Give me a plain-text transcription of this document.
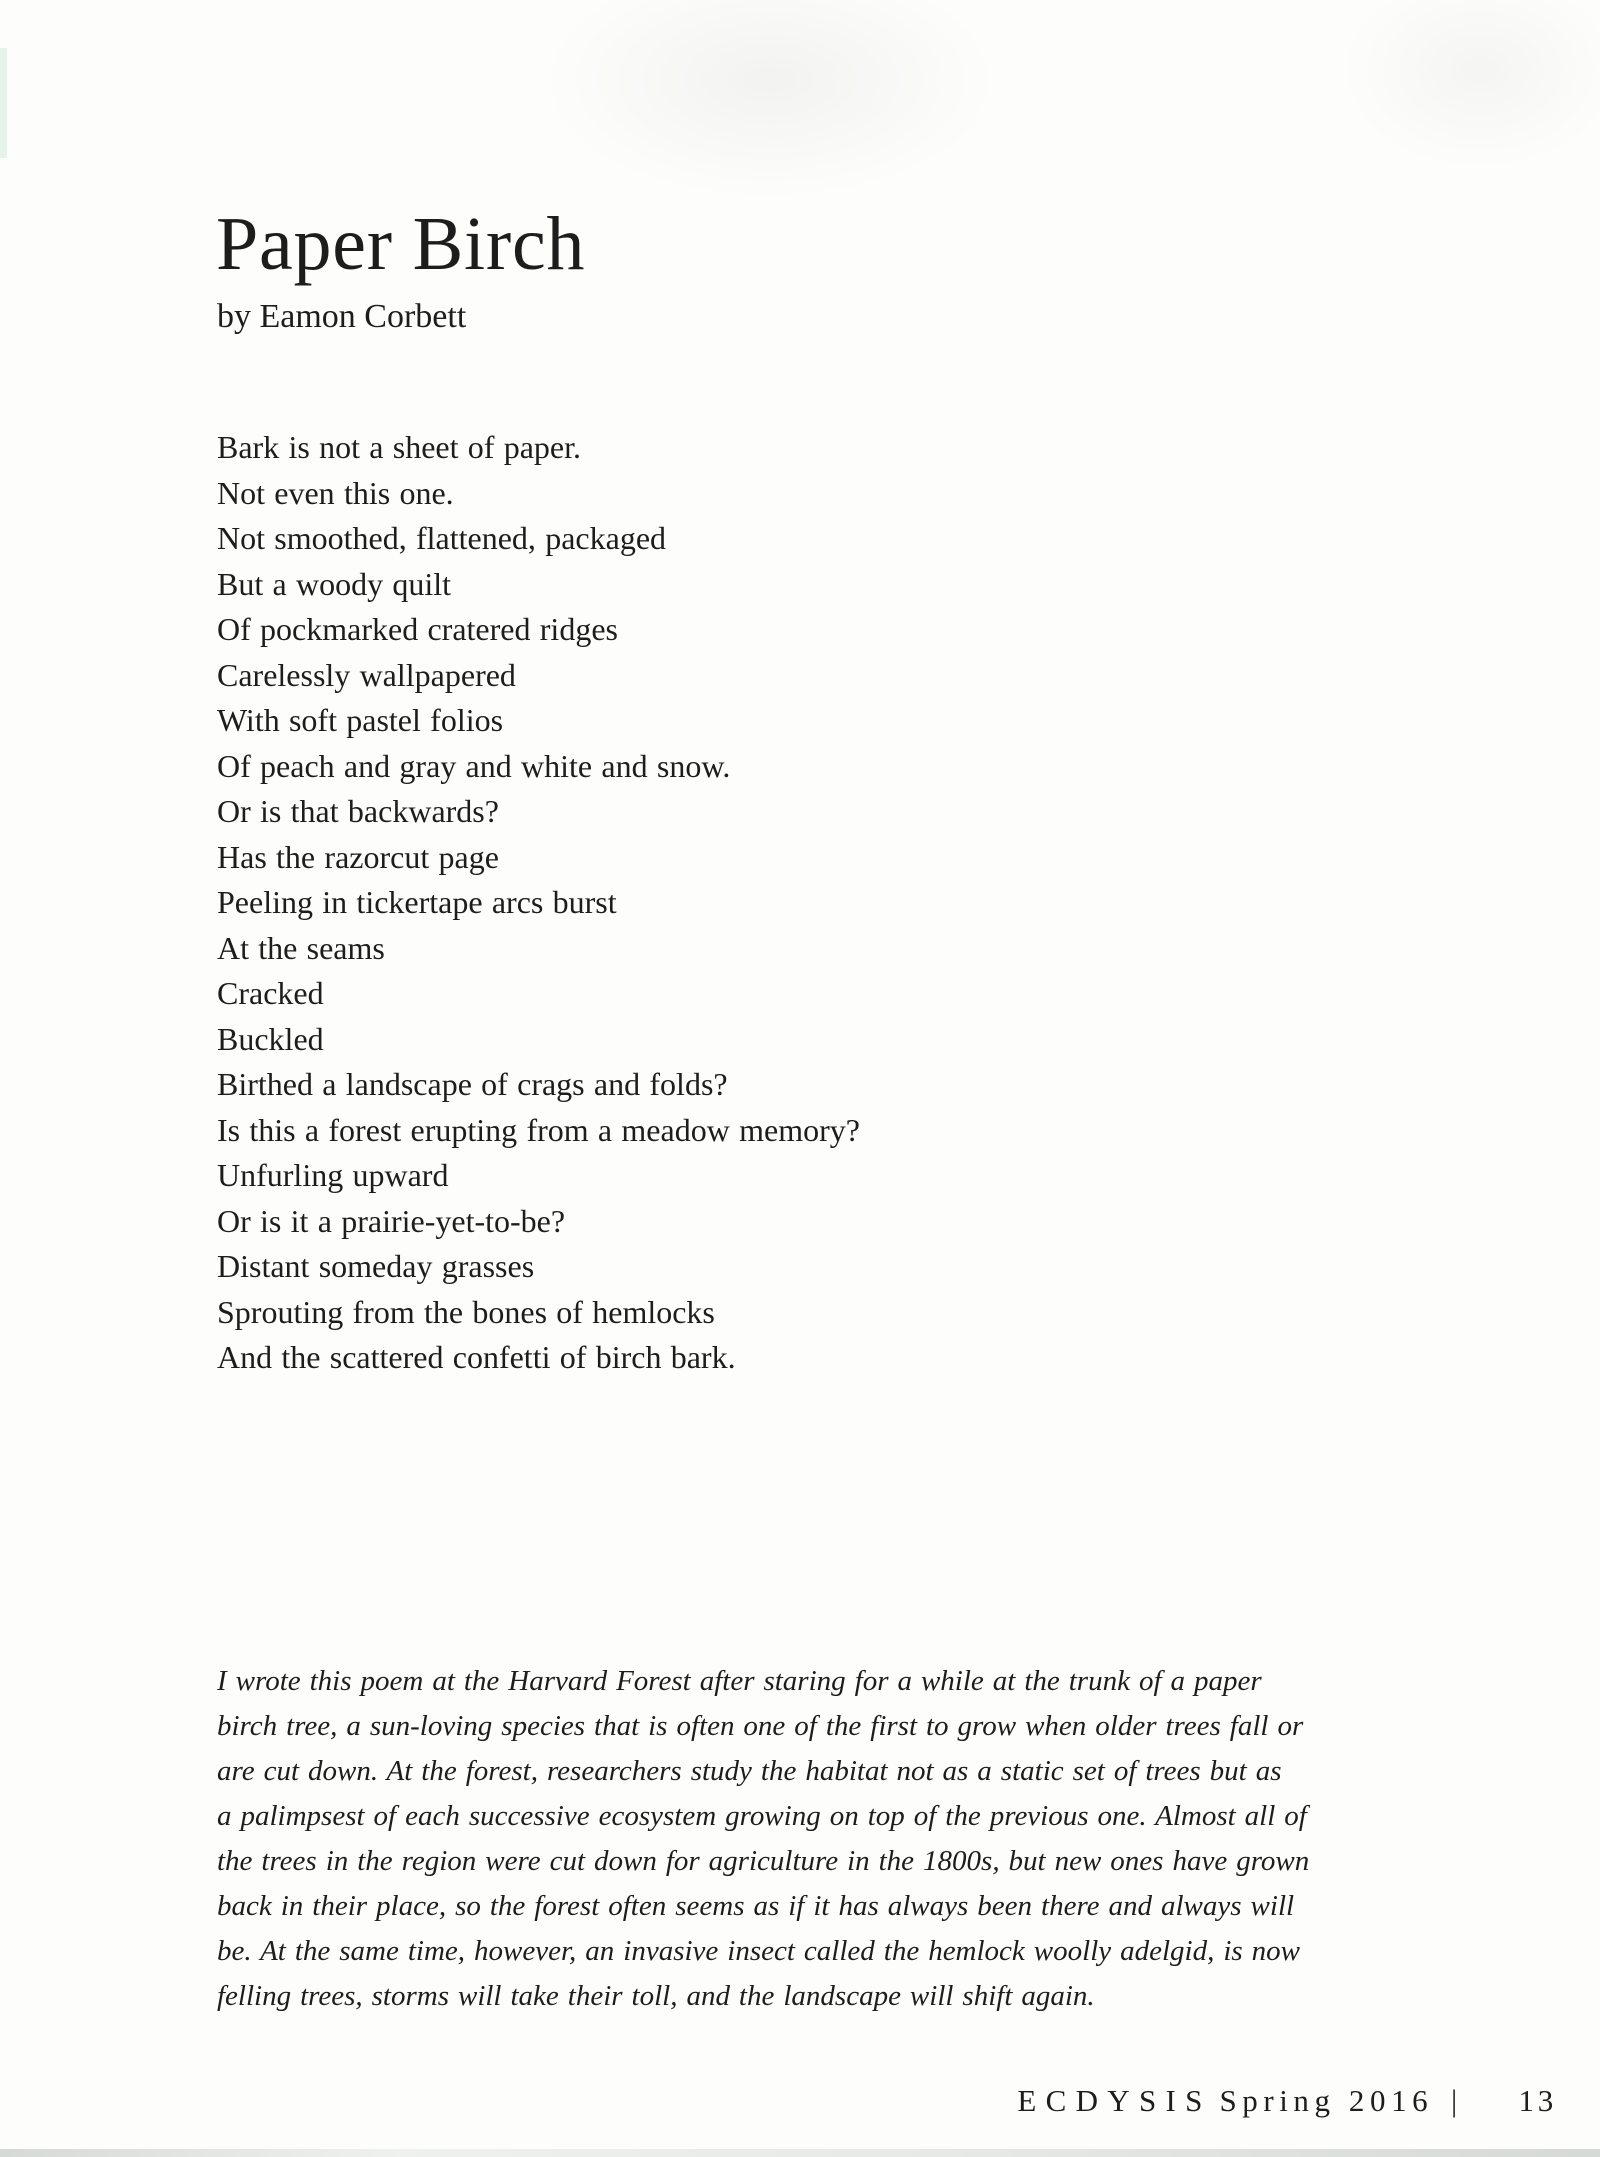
Paper Birch
by Eamon Corbett
Bark is not a sheet of paper.
Not even this one.
Not smoothed, flattened, packaged
But a woody quilt
Of pockmarked cratered ridges
Carelessly wallpapered
With soft pastel folios
Of peach and gray and white and snow.
Or is that backwards?
Has the razorcut page
Peeling in tickertape arcs burst
At the seams
Cracked
Buckled
Birthed a landscape of crags and folds?
Is this a forest erupting from a meadow memory?
Unfurling upward
Or is it a prairie-yet-to-be?
Distant someday grasses
Sprouting from the bones of hemlocks
And the scattered confetti of birch bark.
I wrote this poem at the Harvard Forest after staring for a while at the trunk of a paper
birch tree, a sun-loving species that is often one of the first to grow when older trees fall or
are cut down. At the forest, researchers study the habitat not as a static set of trees but as
a palimpsest of each successive ecosystem growing on top of the previous one. Almost all of
the trees in the region were cut down for agriculture in the 1800s, but new ones have grown
back in their place, so the forest often seems as if it has always been there and always will
be. At the same time, however, an invasive insect called the hemlock woolly adelgid, is now
felling trees, storms will take their toll, and the landscape will shift again.
ECDYSIS Spring 2016 | 13
